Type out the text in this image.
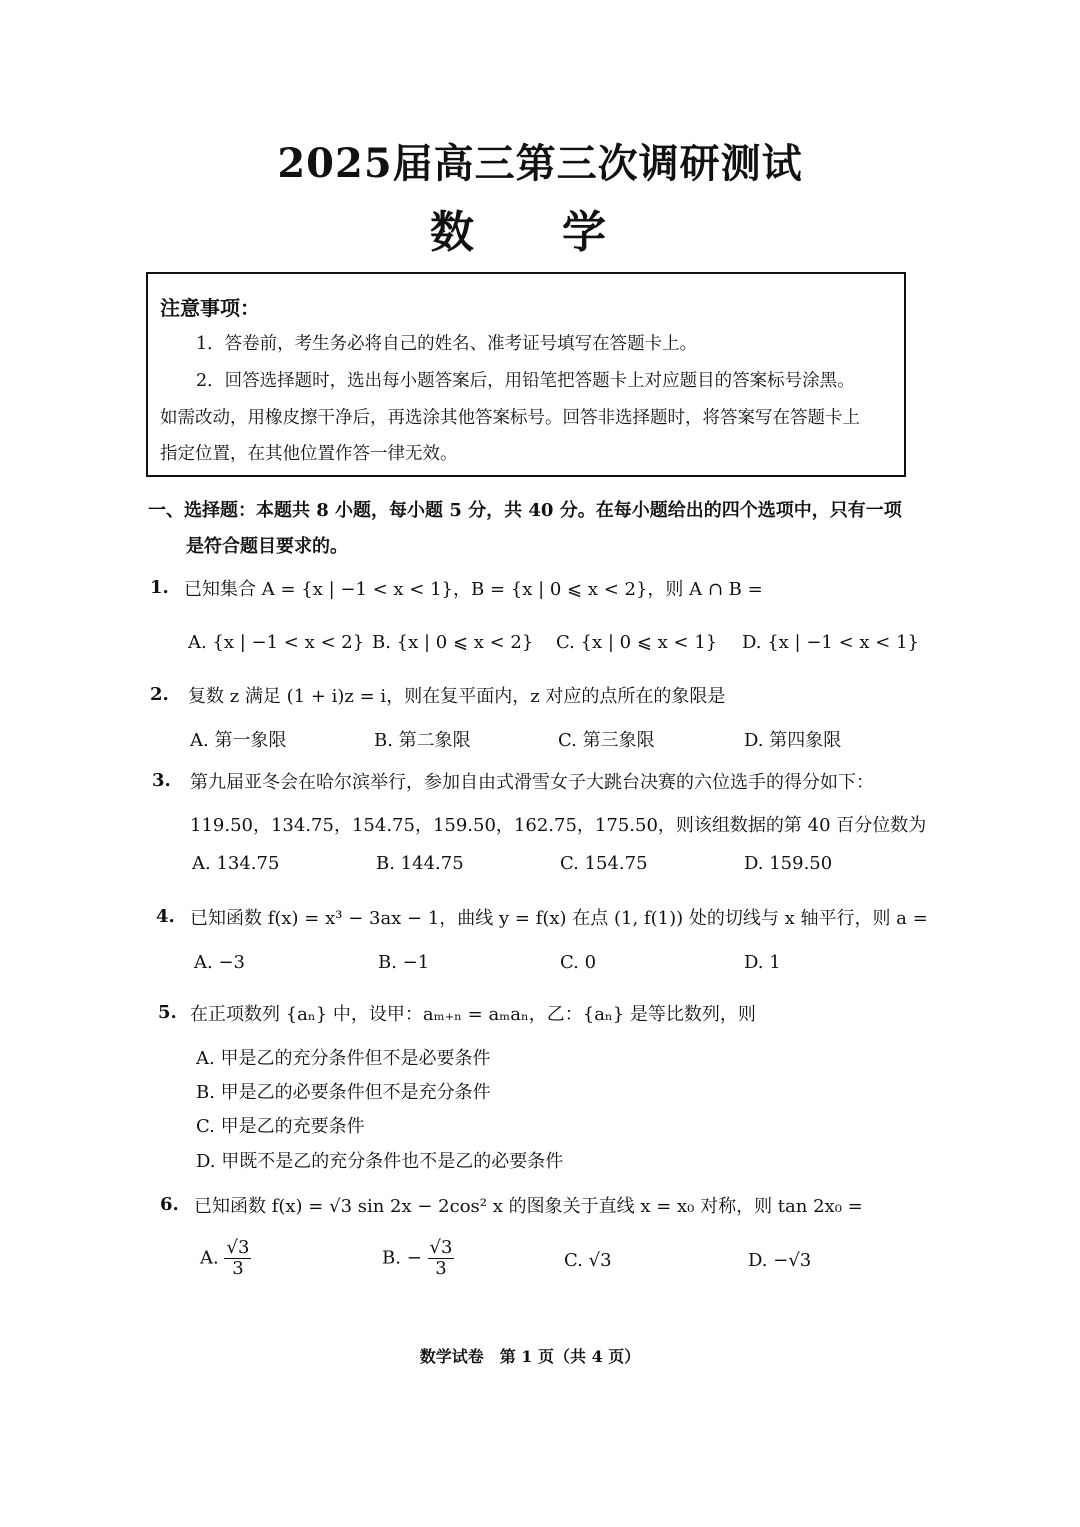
2025届高三第三次调研测试
数学
注意事项：
1．答卷前，考生务必将自己的姓名、准考证号填写在答题卡上。
2．回答选择题时，选出每小题答案后，用铅笔把答题卡上对应题目的答案标号涂黑。
如需改动，用橡皮擦干净后，再选涂其他答案标号。回答非选择题时，将答案写在答题卡上
指定位置，在其他位置作答一律无效。
一、选择题：本题共 8 小题，每小题 5 分，共 40 分。在每小题给出的四个选项中，只有一项
是符合题目要求的。
1. 已知集合 A = {x | −1 < x < 1}，B = {x | 0 ⩽ x < 2}，则 A ∩ B =
A. {x | −1 < x < 2} B. {x | 0 ⩽ x < 2} C. {x | 0 ⩽ x < 1} D. {x | −1 < x < 1}
2. 复数 z 满足 (1 + i)z = i，则在复平面内，z 对应的点所在的象限是
A. 第一象限	B. 第二象限	C. 第三象限	D. 第四象限
3. 第九届亚冬会在哈尔滨举行，参加自由式滑雪女子大跳台决赛的六位选手的得分如下：
119.50，134.75，154.75，159.50，162.75，175.50，则该组数据的第 40 百分位数为
A. 134.75	B. 144.75	C. 154.75	D. 159.50
4. 已知函数 f(x) = x³ − 3ax − 1，曲线 y = f(x) 在点 (1, f(1)) 处的切线与 x 轴平行，则 a =
A. −3	B. −1	C. 0	D. 1
5. 在正项数列 {aₙ} 中，设甲：aₘ₊ₙ = aₘaₙ，乙：{aₙ} 是等比数列，则
A. 甲是乙的充分条件但不是必要条件
B. 甲是乙的必要条件但不是充分条件
C. 甲是乙的充要条件
D. 甲既不是乙的充分条件也不是乙的必要条件
6. 已知函数 f(x) = √3 sin 2x − 2cos² x 的图象关于直线 x = x₀ 对称，则 tan 2x₀ =
A. $\frac{√3}{3}$	B. − $\frac{√3}{3}$	C. √3	D. −√3
数学试卷　第 1 页（共 4 页）
